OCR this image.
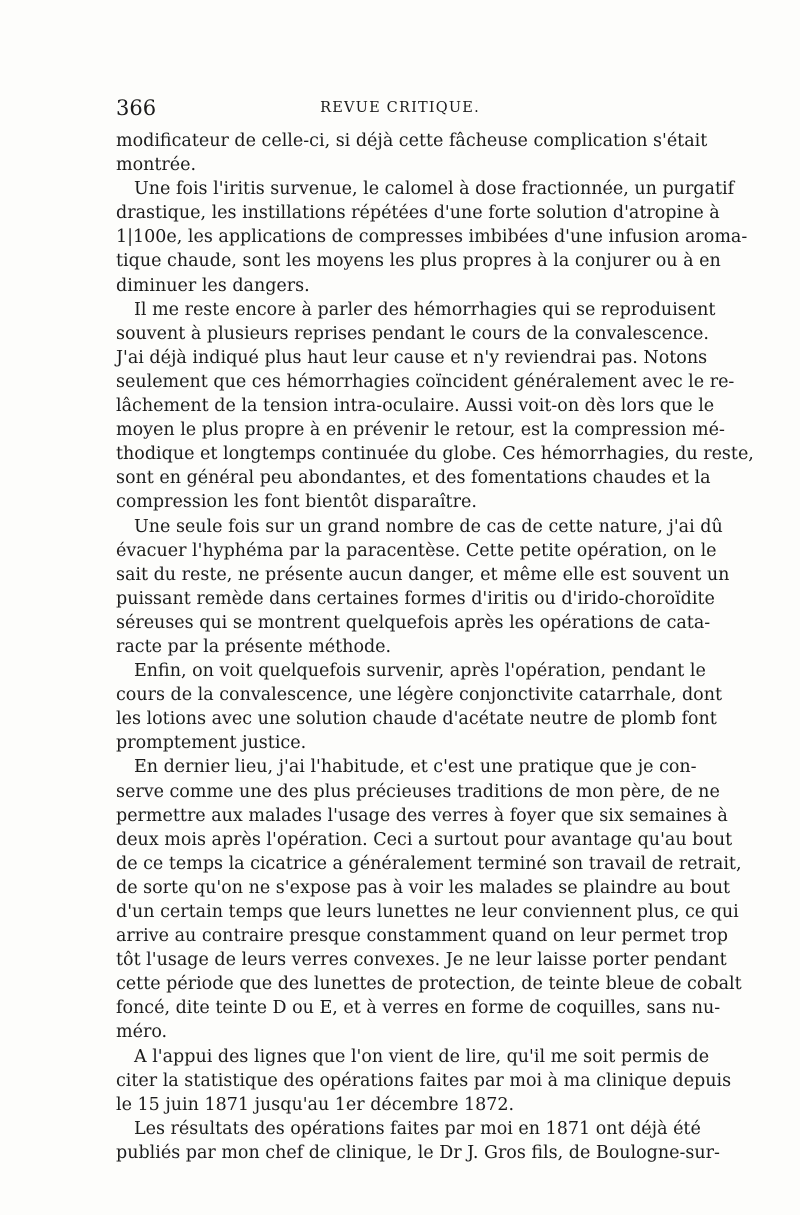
366	REVUE CRITIQUE.
modificateur de celle-ci, si déjà cette fâcheuse complication s'était
montrée.
Une fois l'iritis survenue, le calomel à dose fractionnée, un purgatif
drastique, les instillations répétées d'une forte solution d'atropine à
1|100e, les applications de compresses imbibées d'une infusion aroma-
tique chaude, sont les moyens les plus propres à la conjurer ou à en
diminuer les dangers.
Il me reste encore à parler des hémorrhagies qui se reproduisent
souvent à plusieurs reprises pendant le cours de la convalescence.
J'ai déjà indiqué plus haut leur cause et n'y reviendrai pas. Notons
seulement que ces hémorrhagies coïncident généralement avec le re-
lâchement de la tension intra-oculaire. Aussi voit-on dès lors que le
moyen le plus propre à en prévenir le retour, est la compression mé-
thodique et longtemps continuée du globe. Ces hémorrhagies, du reste,
sont en général peu abondantes, et des fomentations chaudes et la
compression les font bientôt disparaître.
Une seule fois sur un grand nombre de cas de cette nature, j'ai dû
évacuer l'hyphéma par la paracentèse. Cette petite opération, on le
sait du reste, ne présente aucun danger, et même elle est souvent un
puissant remède dans certaines formes d'iritis ou d'irido-choroïdite
séreuses qui se montrent quelquefois après les opérations de cata-
racte par la présente méthode.
Enfin, on voit quelquefois survenir, après l'opération, pendant le
cours de la convalescence, une légère conjonctivite catarrhale, dont
les lotions avec une solution chaude d'acétate neutre de plomb font
promptement justice.
En dernier lieu, j'ai l'habitude, et c'est une pratique que je con-
serve comme une des plus précieuses traditions de mon père, de ne
permettre aux malades l'usage des verres à foyer que six semaines à
deux mois après l'opération. Ceci a surtout pour avantage qu'au bout
de ce temps la cicatrice a généralement terminé son travail de retrait,
de sorte qu'on ne s'expose pas à voir les malades se plaindre au bout
d'un certain temps que leurs lunettes ne leur conviennent plus, ce qui
arrive au contraire presque constamment quand on leur permet trop
tôt l'usage de leurs verres convexes. Je ne leur laisse porter pendant
cette période que des lunettes de protection, de teinte bleue de cobalt
foncé, dite teinte D ou E, et à verres en forme de coquilles, sans nu-
méro.
A l'appui des lignes que l'on vient de lire, qu'il me soit permis de
citer la statistique des opérations faites par moi à ma clinique depuis
le 15 juin 1871 jusqu'au 1er décembre 1872.
Les résultats des opérations faites par moi en 1871 ont déjà été
publiés par mon chef de clinique, le Dr J. Gros fils, de Boulogne-sur-
